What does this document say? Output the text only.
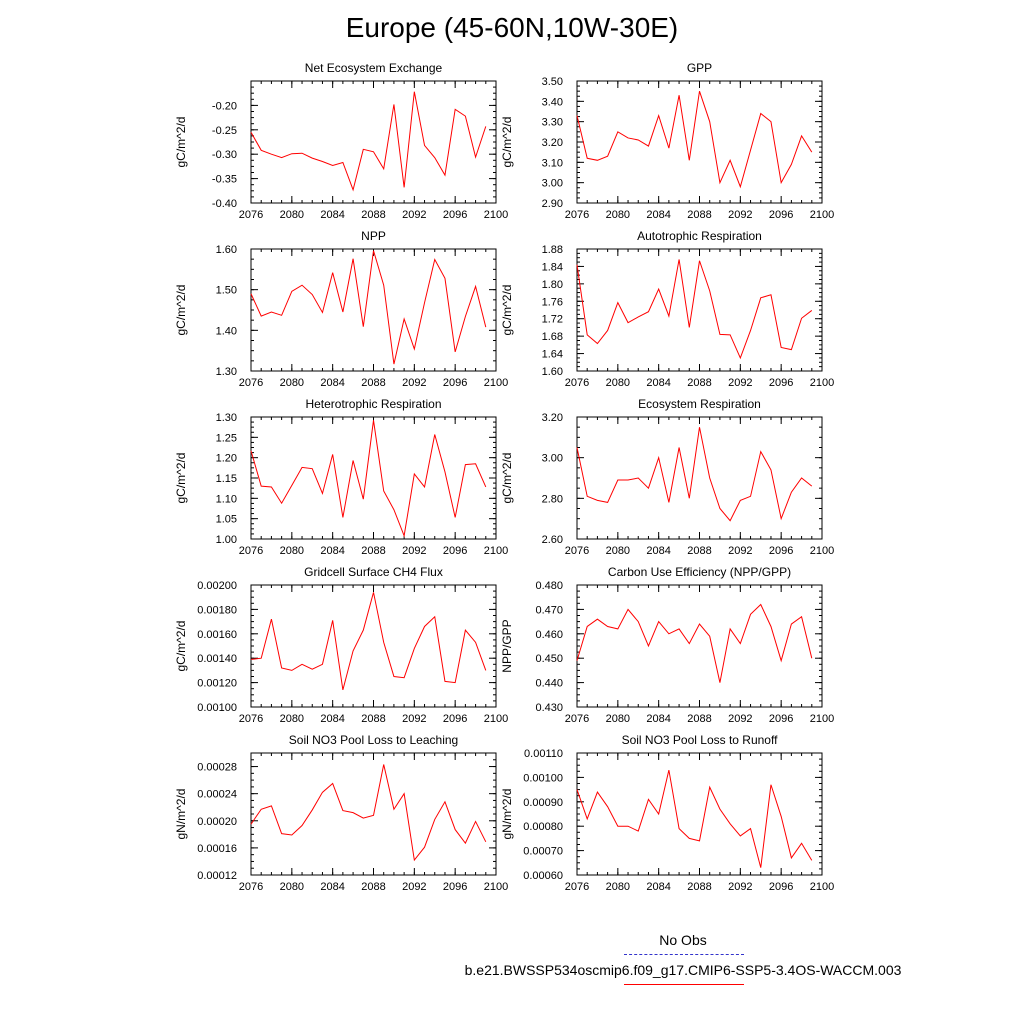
Europe (45-60N,10W-30E)
2076 2080 2084 2088 2092 2096 2100
-0.40
-0.35
-0.30
-0.25
-0.20
Net Ecosystem Exchange
gC/m^2/d
2076 2080 2084 2088 2092 2096 2100
2.90
3.00
3.10
3.20
3.30
3.40
3.50
GPP
gC/m^2/d
2076 2080 2084 2088 2092 2096 2100
1.30
1.40
1.50
1.60
NPP
gC/m^2/d
2076 2080 2084 2088 2092 2096 2100
1.60
1.64
1.68
1.72
1.76
1.80
1.84
1.88
Autotrophic Respiration
gC/m^2/d
2076 2080 2084 2088 2092 2096 2100
1.00
1.05
1.10
1.15
1.20
1.25
1.30
Heterotrophic Respiration
gC/m^2/d
2076 2080 2084 2088 2092 2096 2100
2.60
2.80
3.00
3.20
Ecosystem Respiration
gC/m^2/d
2076 2080 2084 2088 2092 2096 2100
0.00100
0.00120
0.00140
0.00160
0.00180
0.00200
Gridcell Surface CH4 Flux
gC/m^2/d
2076 2080 2084 2088 2092 2096 2100
0.430
0.440
0.450
0.460
0.470
0.480
Carbon Use Efficiency (NPP/GPP)
NPP/GPP
2076 2080 2084 2088 2092 2096 2100
0.00012
0.00016
0.00020
0.00024
0.00028
Soil NO3 Pool Loss to Leaching
gN/m^2/d
2076 2080 2084 2088 2092 2096 2100
0.00060
0.00070
0.00080
0.00090
0.00100
0.00110
Soil NO3 Pool Loss to Runoff
gN/m^2/d
No Obs
b.e21.BWSSP534oscmip6.f09_g17.CMIP6-SSP5-3.4OS-WACCM.003
